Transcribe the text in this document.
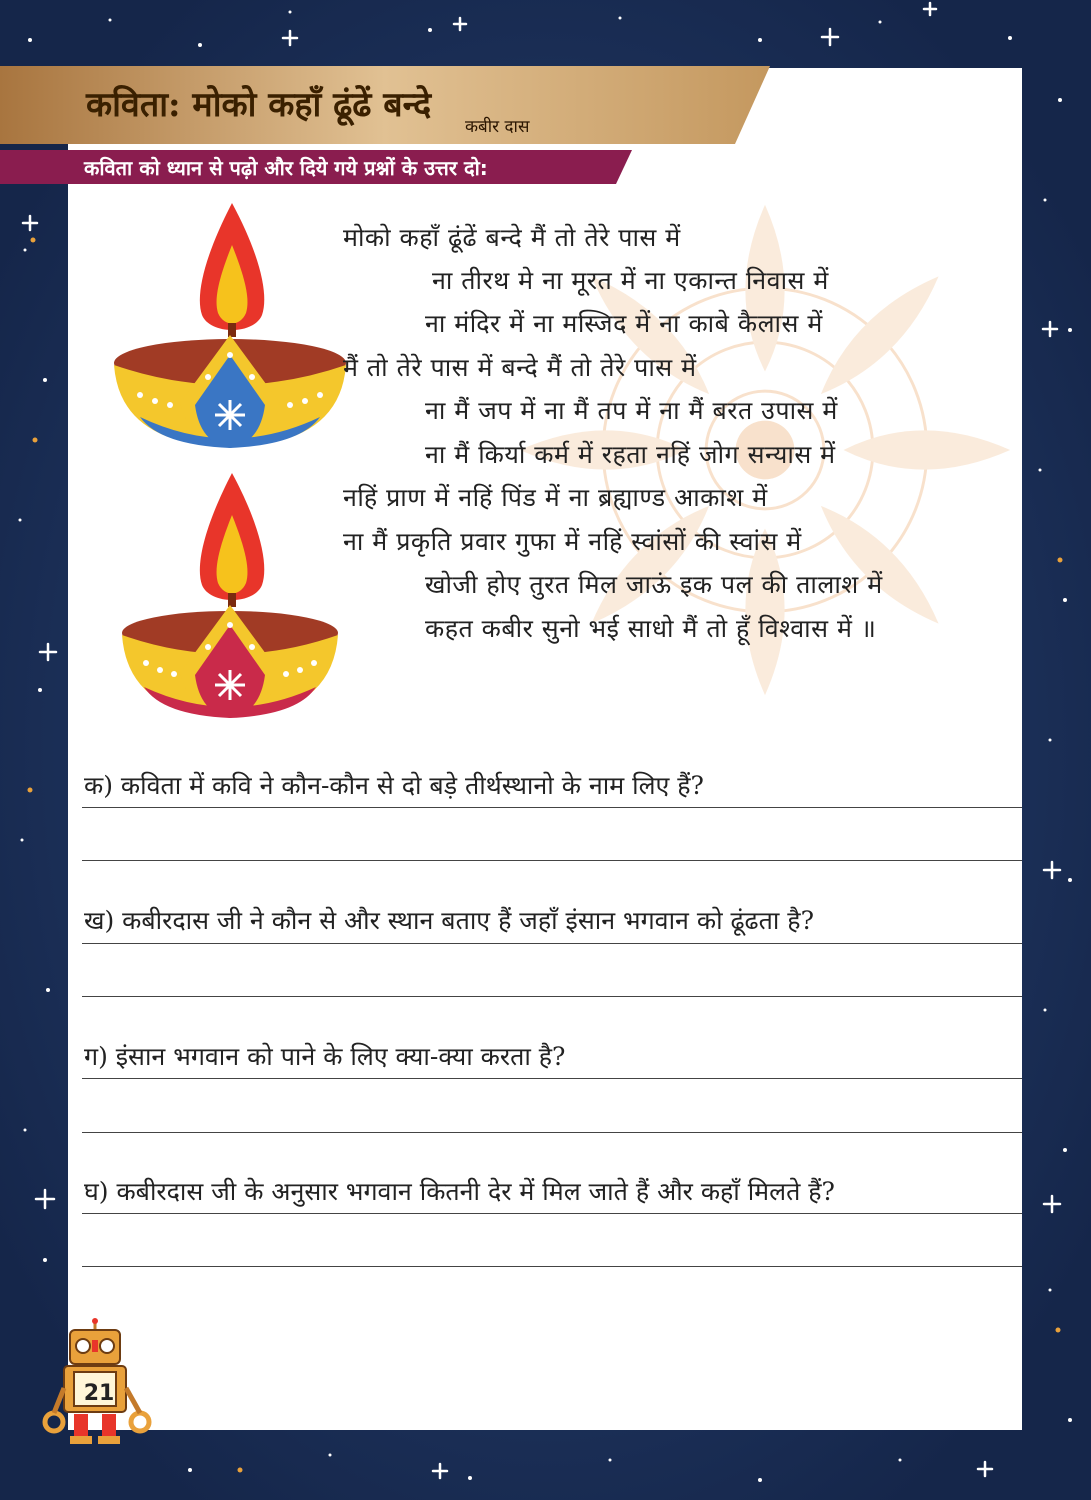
कविता: मोको कहाँ ढूंढें बन्दे
कबीर दास
कविता को ध्यान से पढ़ो और दिये गये प्रश्नों के उत्तर दो:
मोको कहाँ ढूंढें बन्दे मैं तो तेरे पास में
ना तीरथ मे ना मूरत में ना एकान्त निवास में
ना मंदिर में ना मस्जिद में ना काबे कैलास में
मैं तो तेरे पास में बन्दे मैं तो तेरे पास में
ना मैं जप में ना मैं तप में ना मैं बरत उपास में
ना मैं किर्या कर्म में रहता नहिं जोग सन्यास में
नहिं प्राण में नहिं पिंड में ना ब्रह्याण्ड आकाश में
ना मैं प्रकृति प्रवार गुफा में नहिं स्वांसों की स्वांस में
खोजी होए तुरत मिल जाऊं इक पल की तालाश में
कहत कबीर सुनो भई साधो मैं तो हूँ विश्वास में ॥
क) कविता में कवि ने कौन-कौन से दो बड़े तीर्थस्थानो के नाम लिए हैं?
ख) कबीरदास जी ने कौन से और स्थान बताए हैं जहाँ इंसान भगवान को ढूंढता है?
ग) इंसान भगवान को पाने के लिए क्या-क्या करता है?
घ) कबीरदास जी के अनुसार भगवान कितनी देर में मिल जाते हैं और कहाँ मिलते हैं?
21
